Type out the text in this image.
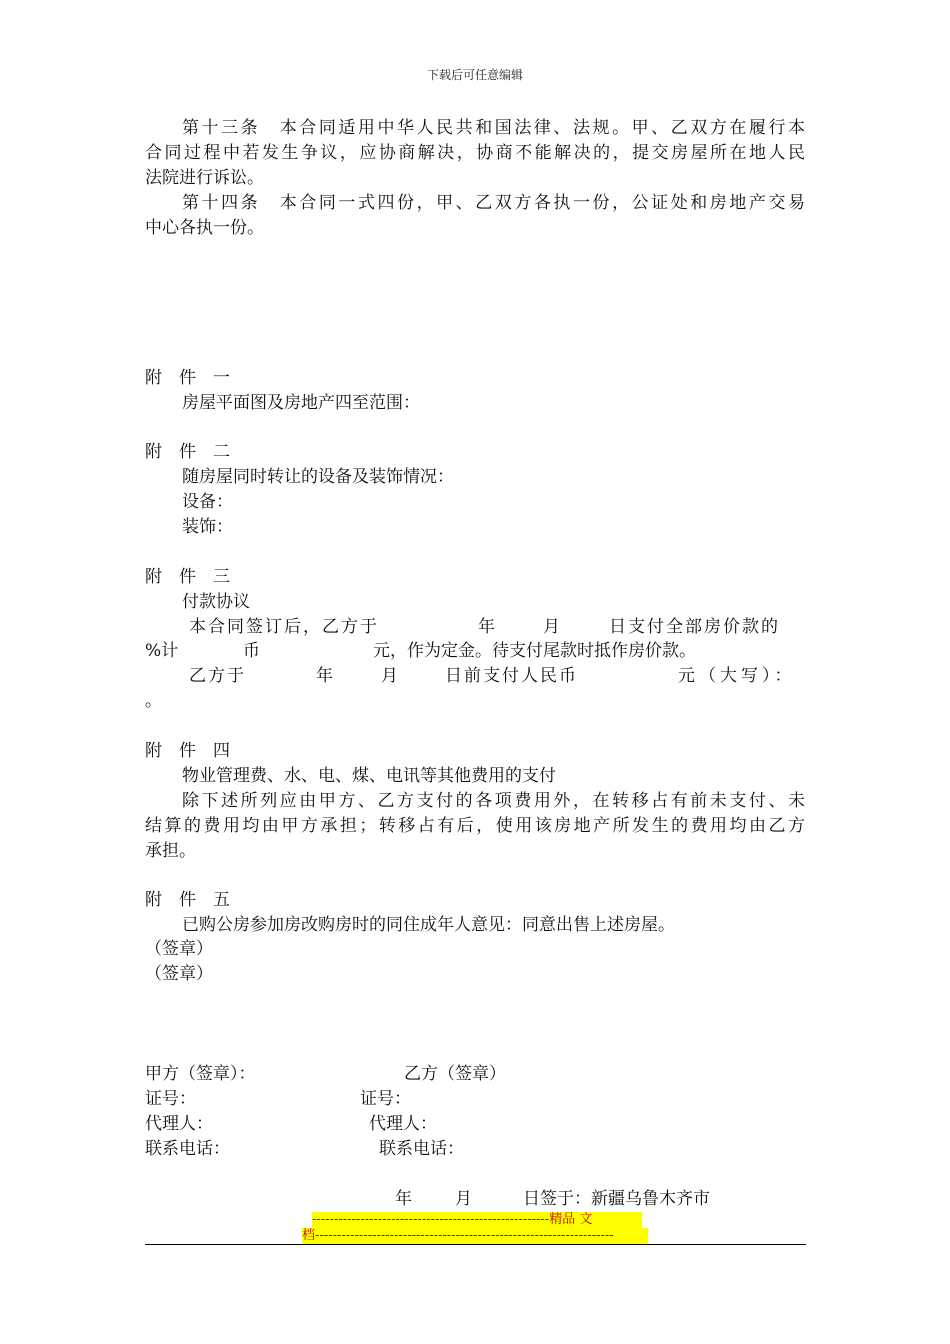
下载后可任意编辑
第十三条　本合同适用中华人民共和国法律、法规。甲、乙双方在履行本
合同过程中若发生争议，应协商解决，协商不能解决的，提交房屋所在地人民
法院进行诉讼。
第十四条　本合同一式四份，甲、乙双方各执一份，公证处和房地产交易
中心各执一份。
附　件　一
房屋平面图及房地产四至范围：
附　件　二
随房屋同时转让的设备及装饰情况：
设备：
装饰：
附　件　三
付款协议
本合同签订后，乙方于	年	月	日支付全部房价款的
%计	币	元，作为定金。待支付尾款时抵作房价款。
乙方于	年	月	日前支付人民币	元（大写）：
。
附　件　四
物业管理费、水、电、煤、电讯等其他费用的支付
除下述所列应由甲方、乙方支付的各项费用外，在转移占有前未支付、未
结算的费用均由甲方承担；转移占有后，使用该房地产所发生的费用均由乙方
承担。
附　件　五
已购公房参加房改购房时的同住成年人意见：同意出售上述房屋。
（签章）
（签章）
甲方（签章）：	乙方（签章）
证号：	证号：
代理人：	代理人：
联系电话：	联系电话：
年	月	日签于：新疆乌鲁木齐市
------------------------------------------------------精品 文
档--------------------------------------------------------------------
